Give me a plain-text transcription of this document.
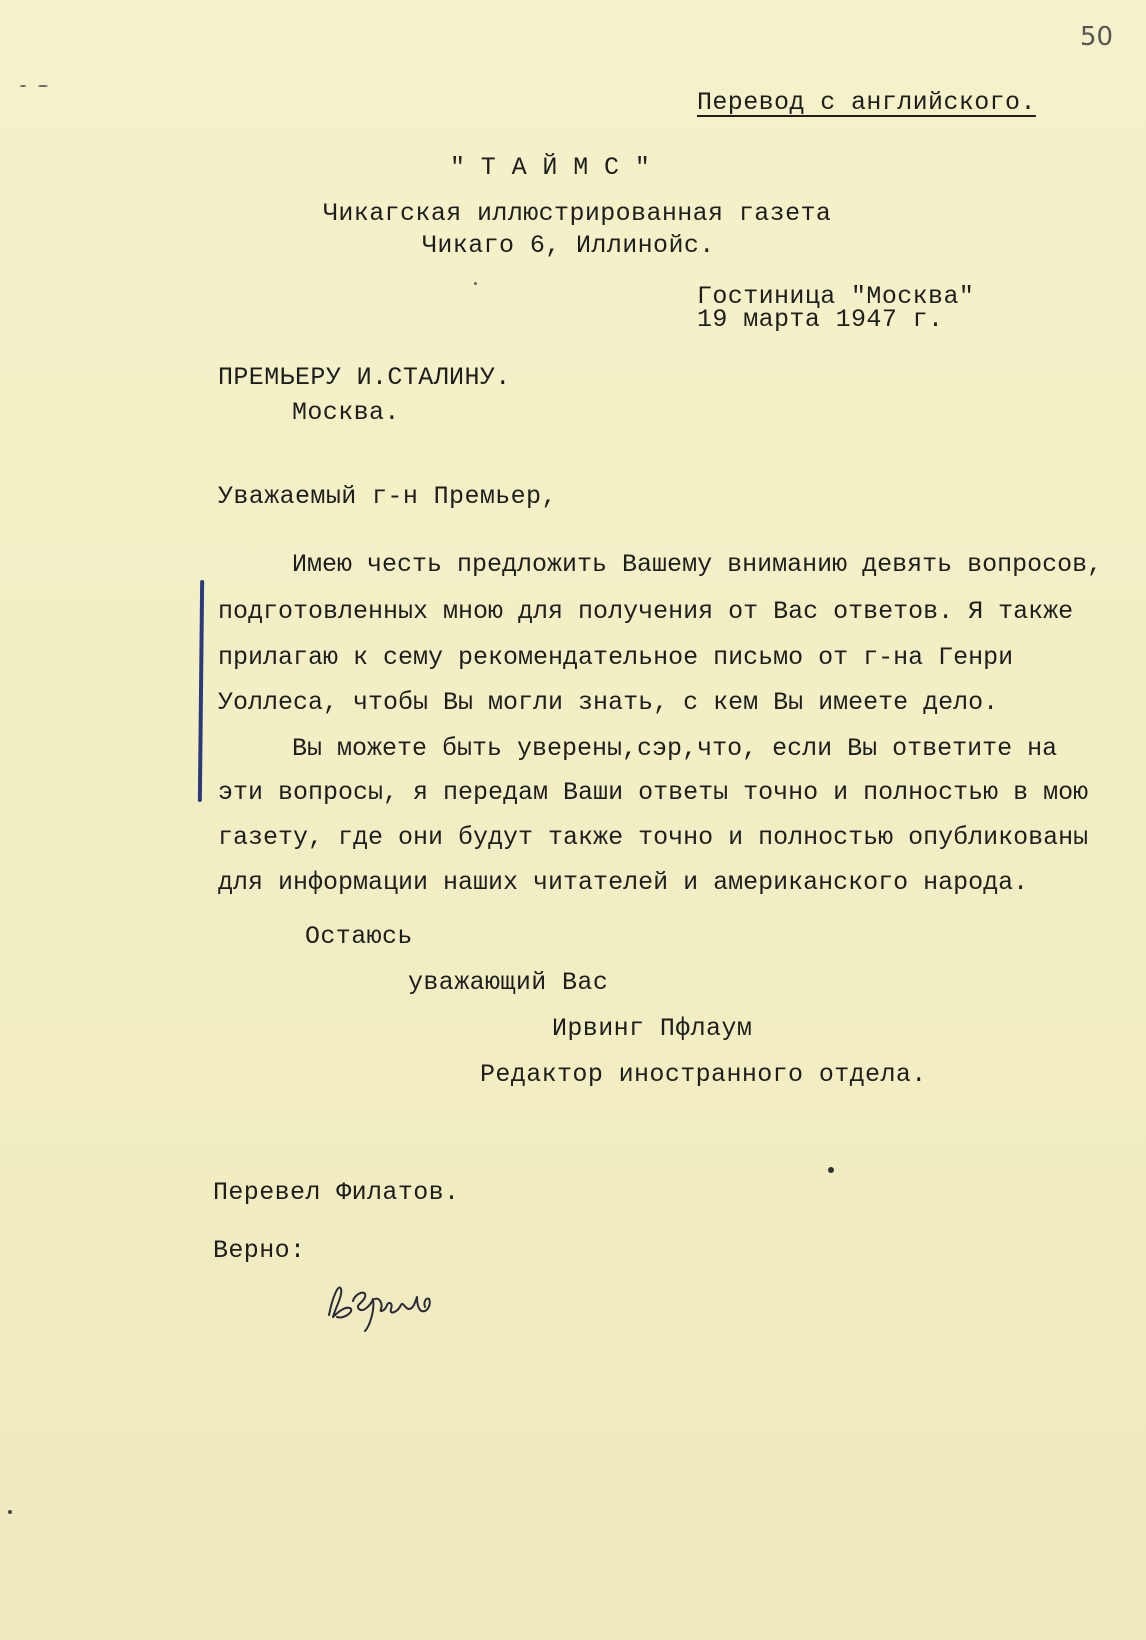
50
Перевод с английского.
" Т А Й М С "
Чикагская иллюстрированная газета
Чикаго 6, Иллинойс.
Гостиница "Москва"
19 марта 1947 г.
ПРЕМЬЕРУ И.СТАЛИНУ.
Москва.
Уважаемый г-н Премьер,
Имею честь предложить Вашему вниманию девять вопросов,
подготовленных мною для получения от Вас ответов. Я также
прилагаю к сему рекомендательное письмо от г-на Генри
Уоллеса, чтобы Вы могли знать, с кем Вы имеете дело.
Вы можете быть уверены,сэр,что, если Вы ответите на
эти вопросы, я передам Ваши ответы точно и полностью в мою
газету, где они будут также точно и полностью опубликованы
для информации наших читателей и американского народа.
Остаюсь
уважающий Вас
Ирвинг Пфлаум
Редактор иностранного отдела.
Перевел Филатов.
Верно:
